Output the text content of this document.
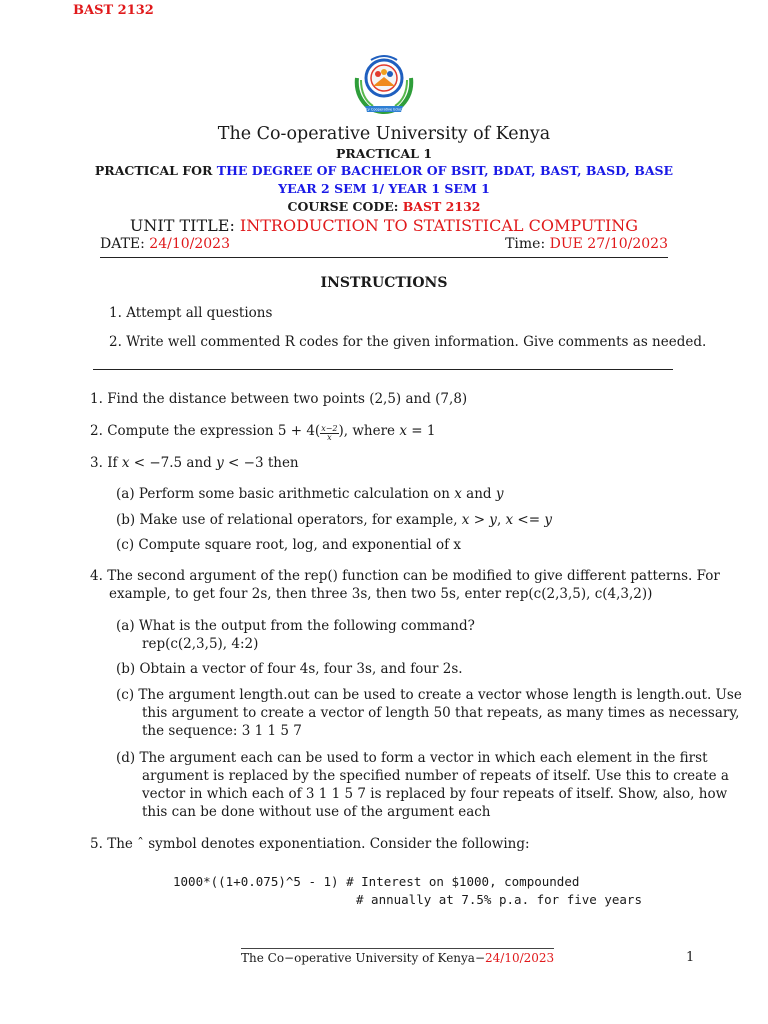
BAST 2132
Quality Cooperative Education
The Co-operative University of Kenya
PRACTICAL 1
PRACTICAL FOR THE DEGREE OF BACHELOR OF BSIT, BDAT, BAST, BASD, BASE
YEAR 2 SEM 1/ YEAR 1 SEM 1
COURSE CODE: BAST 2132
UNIT TITLE: INTRODUCTION TO STATISTICAL COMPUTING
DATE: 24/10/2023	Time: DUE 27/10/2023
INSTRUCTIONS
1. Attempt all questions
2. Write well commented R codes for the given information. Give comments as needed.
1. Find the distance between two points (2,5) and (7,8)
2. Compute the expression $5 + 4( \frac{x-2}{x}$ ), where x = 1
3. If x < −7.5 and y < −3 then
(a) Perform some basic arithmetic calculation on x and y
(b) Make use of relational operators, for example, x > y, x <= y
(c) Compute square root, log, and exponential of x
4. The second argument of the rep() function can be modified to give different patterns. For
example, to get four 2s, then three 3s, then two 5s, enter rep(c(2,3,5), c(4,3,2))
(a) What is the output from the following command?
rep(c(2,3,5), 4:2)
(b) Obtain a vector of four 4s, four 3s, and four 2s.
(c) The argument length.out can be used to create a vector whose length is length.out. Use
this argument to create a vector of length 50 that repeats, as many times as necessary,
the sequence: 3 1 1 5 7
(d) The argument each can be used to form a vector in which each element in the first
argument is replaced by the specified number of repeats of itself. Use this to create a
vector in which each of 3 1 1 5 7 is replaced by four repeats of itself. Show, also, how
this can be done without use of the argument each
5. The ˆ symbol denotes exponentiation. Consider the following:
1000*((1+0.075)^5 - 1) # Interest on $1000, compounded
# annually at 7.5% p.a. for five years
The Co−operative University of Kenya−24/10/2023	1
